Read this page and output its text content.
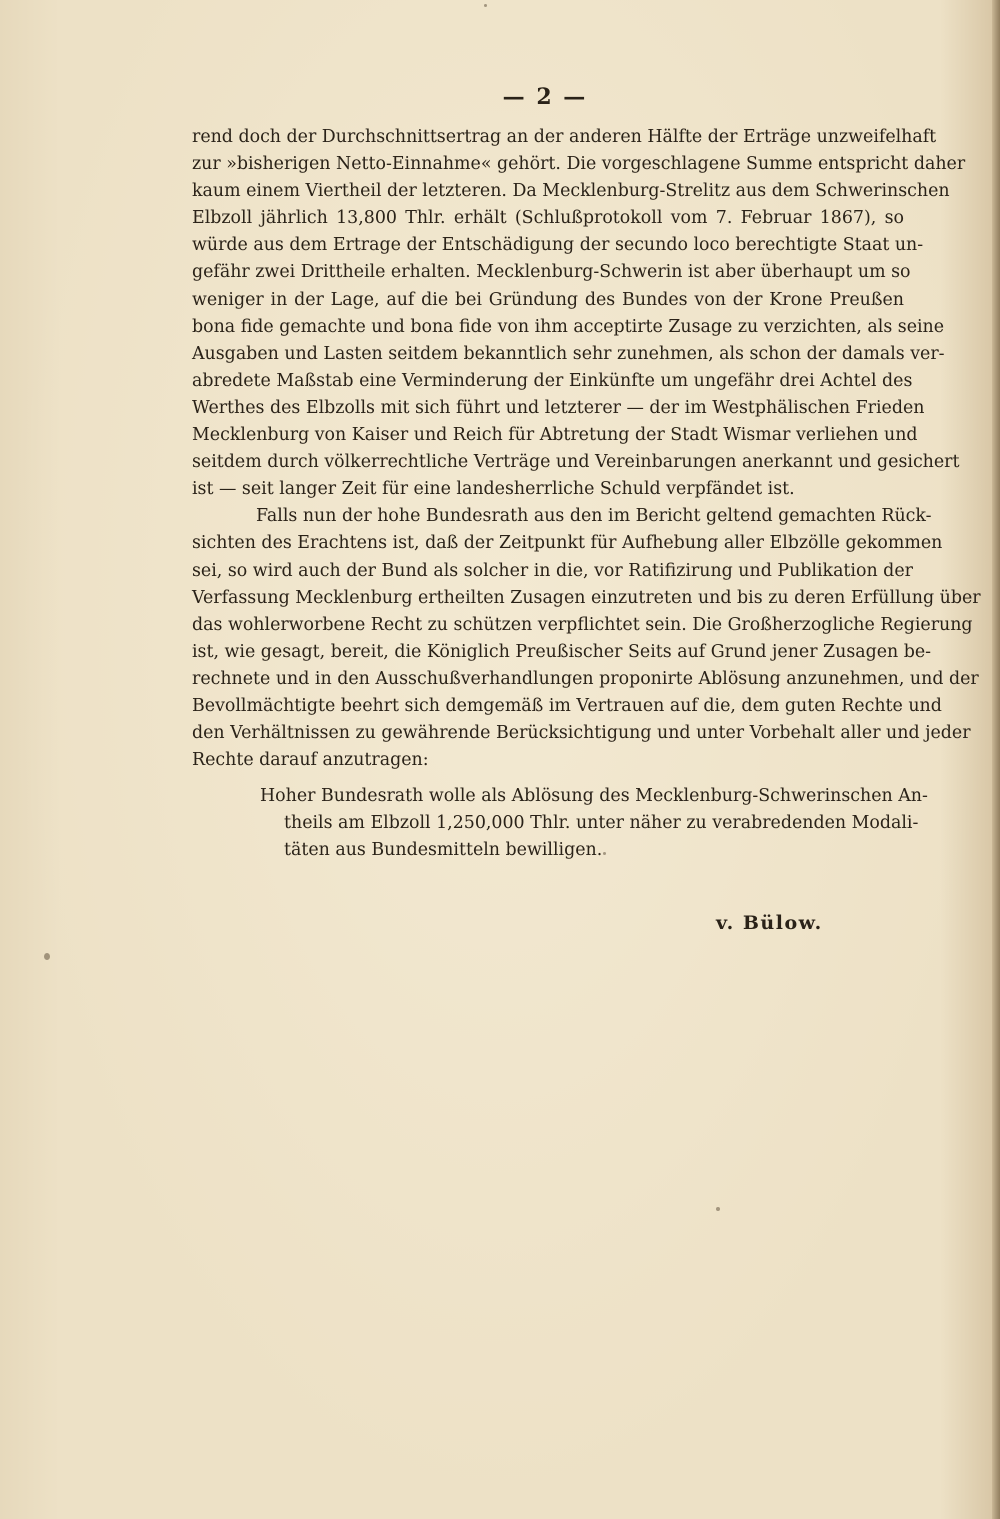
— 2 —
rend doch der Durchschnittsertrag an der anderen Hälfte der Erträge unzweifelhaft
zur »bisherigen Netto-Einnahme« gehört. Die vorgeschlagene Summe entspricht daher
kaum einem Viertheil der letzteren. Da Mecklenburg-Strelitz aus dem Schwerinschen
Elbzoll jährlich 13,800 Thlr. erhält (Schlußprotokoll vom 7. Februar 1867), so
würde aus dem Ertrage der Entschädigung der secundo loco berechtigte Staat un-
gefähr zwei Drittheile erhalten. Mecklenburg-Schwerin ist aber überhaupt um so
weniger in der Lage, auf die bei Gründung des Bundes von der Krone Preußen
bona fide gemachte und bona fide von ihm acceptirte Zusage zu verzichten, als seine
Ausgaben und Lasten seitdem bekanntlich sehr zunehmen, als schon der damals ver-
abredete Maßstab eine Verminderung der Einkünfte um ungefähr drei Achtel des
Werthes des Elbzolls mit sich führt und letzterer — der im Westphälischen Frieden
Mecklenburg von Kaiser und Reich für Abtretung der Stadt Wismar verliehen und
seitdem durch völkerrechtliche Verträge und Vereinbarungen anerkannt und gesichert
ist — seit langer Zeit für eine landesherrliche Schuld verpfändet ist.
Falls nun der hohe Bundesrath aus den im Bericht geltend gemachten Rück-
sichten des Erachtens ist, daß der Zeitpunkt für Aufhebung aller Elbzölle gekommen
sei, so wird auch der Bund als solcher in die, vor Ratifizirung und Publikation der
Verfassung Mecklenburg ertheilten Zusagen einzutreten und bis zu deren Erfüllung über
das wohlerworbene Recht zu schützen verpflichtet sein. Die Großherzogliche Regierung
ist, wie gesagt, bereit, die Königlich Preußischer Seits auf Grund jener Zusagen be-
rechnete und in den Ausschußverhandlungen proponirte Ablösung anzunehmen, und der
Bevollmächtigte beehrt sich demgemäß im Vertrauen auf die, dem guten Rechte und
den Verhältnissen zu gewährende Berücksichtigung und unter Vorbehalt aller und jeder
Rechte darauf anzutragen:
Hoher Bundesrath wolle als Ablösung des Mecklenburg-Schwerinschen An-
theils am Elbzoll 1,250,000 Thlr. unter näher zu verabredenden Modali-
täten aus Bundesmitteln bewilligen.
v. Bülow.
